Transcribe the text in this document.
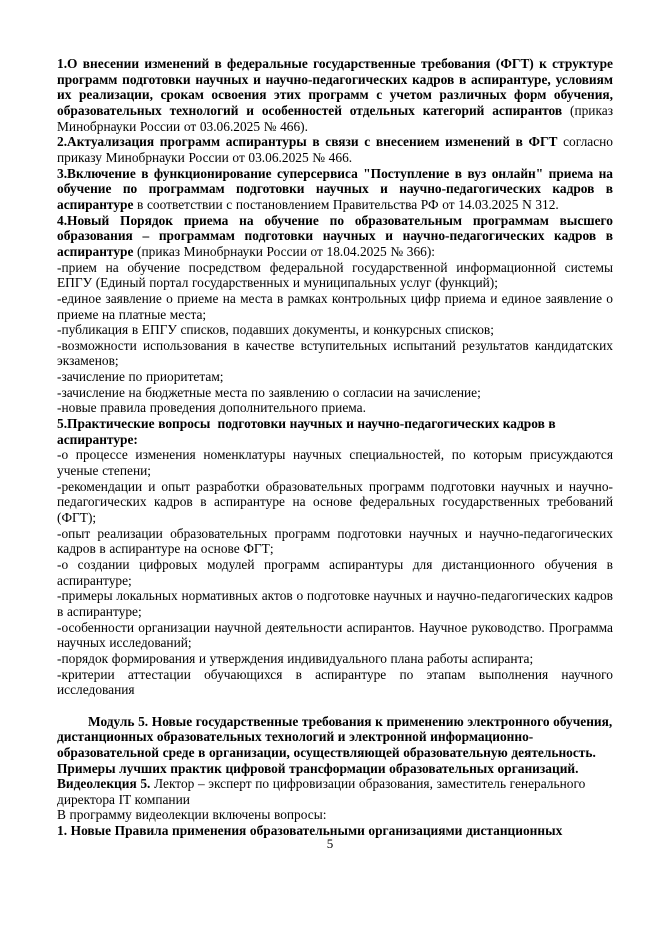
1.О внесении изменений в федеральные государственные требования (ФГТ) к структуре программ подготовки научных и научно-педагогических кадров в аспирантуре, условиям их реализации, срокам освоения этих программ с учетом различных форм обучения, образовательных технологий и особенностей отдельных категорий аспирантов (приказ Минобрнауки России от 03.06.2025 № 466).

2.Актуализация программ аспирантуры в связи с внесением изменений в ФГТ согласно приказу Минобрнауки России от 03.06.2025 № 466.

3.Включение в функционирование суперсервиса "Поступление в вуз онлайн" приема на обучение по программам подготовки научных и научно-педагогических кадров в аспирантуре в соответствии с постановлением Правительства РФ от 14.03.2025 N 312.

4.Новый Порядок приема на обучение по образовательным программам высшего образования – программам подготовки научных и научно-педагогических кадров в аспирантуре (приказ Минобрнауки России от 18.04.2025 № 366):

-прием на обучение посредством федеральной государственной информационной системы ЕПГУ (Единый портал государственных и муниципальных услуг (функций);

-единое заявление о приеме на места в рамках контрольных цифр приема и единое заявление о приеме на платные места;

-публикация в ЕПГУ списков, подавших документы, и конкурсных списков;

-возможности использования в качестве вступительных испытаний результатов кандидатских экзаменов;

-зачисление по приоритетам;

-зачисление на бюджетные места по заявлению о согласии на зачисление;

-новые правила проведения дополнительного приема.

5.Практические вопросы  подготовки научных и научно-педагогических кадров в аспирантуре:

-о процессе изменения номенклатуры научных специальностей, по которым присуждаются ученые степени;

-рекомендации и опыт разработки образовательных программ подготовки научных и научно-педагогических кадров в аспирантуре на основе федеральных государственных требований (ФГТ);

-опыт реализации образовательных программ подготовки научных и научно-педагогических кадров в аспирантуре на основе ФГТ;

-о создании цифровых модулей программ аспирантуры для дистанционного обучения в аспирантуре;

-примеры локальных нормативных актов о подготовке научных и научно-педагогических кадров в аспирантуре;

-особенности организации научной деятельности аспирантов. Научное руководство. Программа научных исследований;

-порядок формирования и утверждения индивидуального плана работы аспиранта;

-критерии аттестации обучающихся в аспирантуре по этапам выполнения научного исследования

Модуль 5. Новые государственные требования к применению электронного обучения, дистанционных образовательных технологий и электронной информационно-образовательной среде в организации, осуществляющей образовательную деятельность. Примеры лучших практик цифровой трансформации образовательных организаций.

Видеолекция 5. Лектор – эксперт по цифровизации образования, заместитель генерального директора IT компании

В программу видеолекции включены вопросы:

1. Новые Правила применения образовательными организациями дистанционных

5
